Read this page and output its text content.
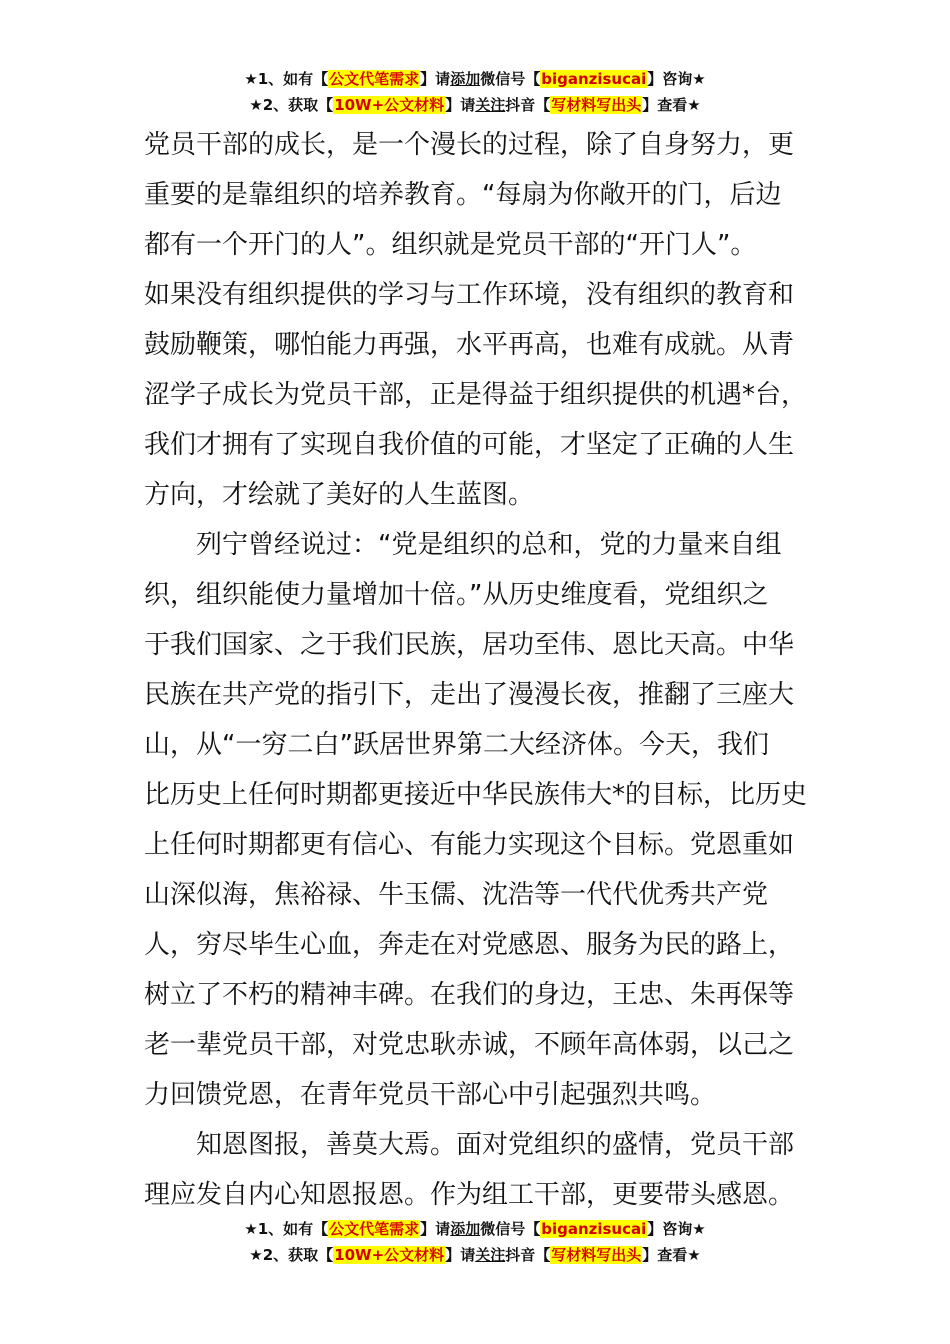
★1、如有【公文代笔需求】请添加微信号【biganzisucai】咨询★
★2、获取【10W+公文材料】请关注抖音【写材料写出头】查看★

党员干部的成长，是一个漫长的过程，除了自身努力，更
重要的是靠组织的培养教育。“每扇为你敞开的门，后边
都有一个开门的人”。组织就是党员干部的“开门人”。
如果没有组织提供的学习与工作环境，没有组织的教育和
鼓励鞭策，哪怕能力再强，水平再高，也难有成就。从青
涩学子成长为党员干部，正是得益于组织提供的机遇*台，
我们才拥有了实现自我价值的可能，才坚定了正确的人生
方向，才绘就了美好的人生蓝图。

列宁曾经说过：“党是组织的总和，党的力量来自组
织，组织能使力量增加十倍。”从历史维度看，党组织之
于我们国家、之于我们民族，居功至伟、恩比天高。中华
民族在共产党的指引下，走出了漫漫长夜，推翻了三座大
山，从“一穷二白”跃居世界第二大经济体。今天，我们
比历史上任何时期都更接近中华民族伟大*的目标，比历史
上任何时期都更有信心、有能力实现这个目标。党恩重如
山深似海，焦裕禄、牛玉儒、沈浩等一代代优秀共产党
人，穷尽毕生心血，奔走在对党感恩、服务为民的路上，
树立了不朽的精神丰碑。在我们的身边，王忠、朱再保等
老一辈党员干部，对党忠耿赤诚，不顾年高体弱，以己之
力回馈党恩，在青年党员干部心中引起强烈共鸣。

知恩图报，善莫大焉。面对党组织的盛情，党员干部
理应发自内心知恩报恩。作为组工干部，更要带头感恩。

★1、如有【公文代笔需求】请添加微信号【biganzisucai】咨询★
★2、获取【10W+公文材料】请关注抖音【写材料写出头】查看★
